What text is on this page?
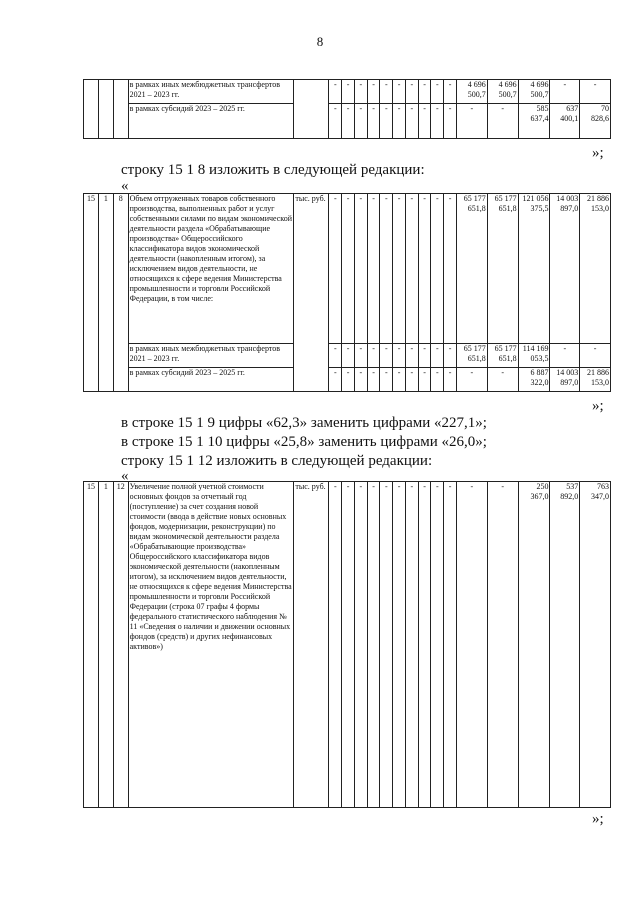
8
			в рамках иных межбюджетных трансфертов 2021 – 2023 гг.		-	-	-	-	-	-	-	-	-	-	4 696 500,7	4 696 500,7	4 696 500,7	-	-
			в рамках субсидий 2023 – 2025 гг.		-	-	-	-	-	-	-	-	-	-	-	-	585 637,4	637 400,1	70 828,6
»;
строку 15 1 8 изложить в следующей редакции:
«
15	1	8	Объем отгруженных товаров собственного производства, выполненных работ и услуг собственными силами по видам экономической деятельности раздела «Обрабатывающие производства» Общероссийского классификатора видов экономической деятельности (накопленным итогом), за исключением видов деятельности, не относящихся к сфере ведения Министерства промышленности и торговли Российской Федерации, в том числе:	тыс. руб.	-	-	-	-	-	-	-	-	-	-	65 177 651,8	65 177 651,8	121 056 375,5	14 003 897,0	21 886 153,0
			в рамках иных межбюджетных трансфертов 2021 – 2023 гг.		-	-	-	-	-	-	-	-	-	-	65 177 651,8	65 177 651,8	114 169 053,5	-	-
			в рамках субсидий 2023 – 2025 гг.		-	-	-	-	-	-	-	-	-	-	-	-	6 887 322,0	14 003 897,0	21 886 153,0
»;
в строке 15 1 9 цифры «62,3» заменить цифрами «227,1»;
в строке 15 1 10 цифры «25,8» заменить цифрами «26,0»;
строку 15 1 12 изложить в следующей редакции:
«
15	1	12	Увеличение полной учетной стоимости основных фондов за отчетный год (поступление) за счет создания новой стоимости (ввода в действие новых основных фондов, модернизации, реконструкции) по видам экономической деятельности раздела «Обрабатывающие производства» Общероссийского классификатора видов экономической деятельности (накопленным итогом), за исключением видов деятельности, не относящихся к сфере ведения Министерства промышленности и торговли Российской Федерации (строка 07 графы 4 формы федерального статистического наблюдения № 11 «Сведения о наличии и движении основных фондов (средств) и других нефинансовых активов»)	тыс. руб.	-	-	-	-	-	-	-	-	-	-	-	-	250 367,0	537 892,0	763 347,0
»;
